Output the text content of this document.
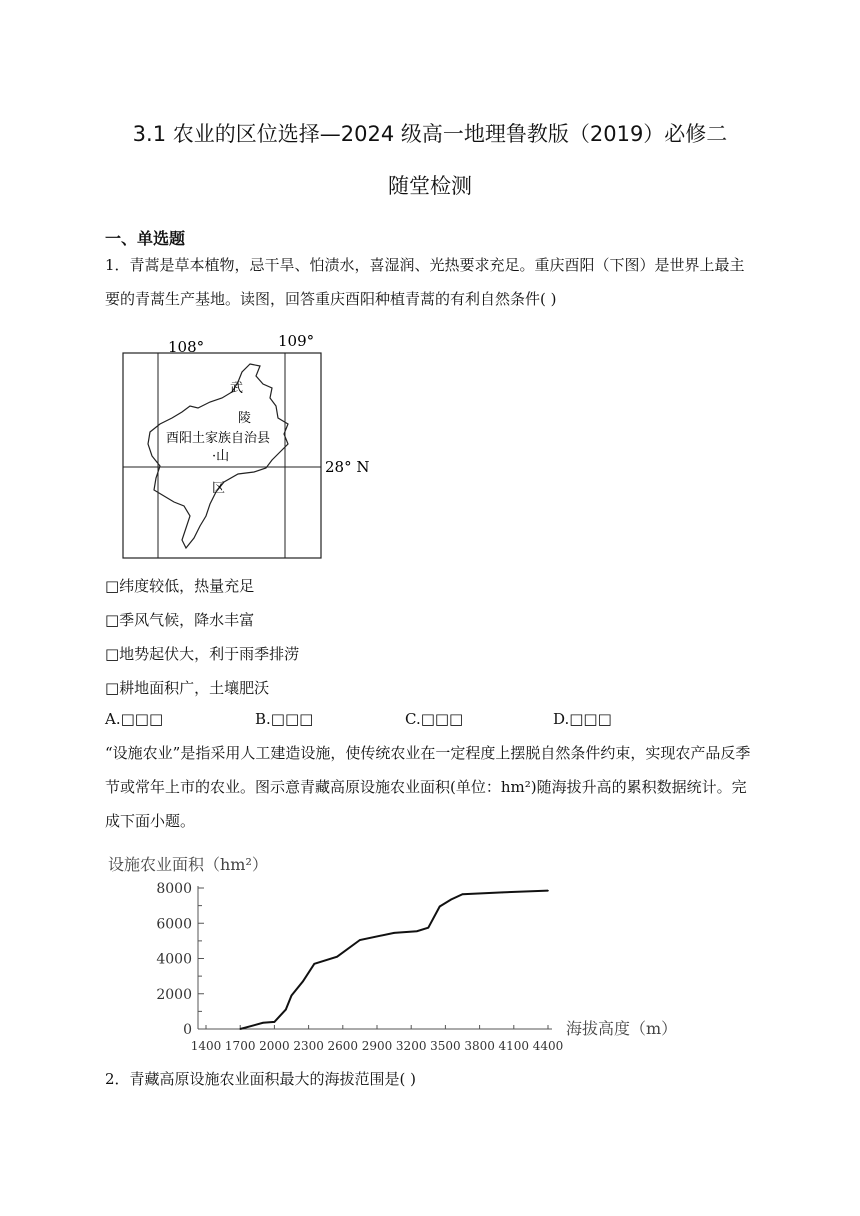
3.1 农业的区位选择—2024 级高一地理鲁教版（2019）必修二
随堂检测
一、单选题
1．青蒿是草本植物，忌干旱、怕渍水，喜湿润、光热要求充足。重庆酉阳（下图）是世界上最主要的青蒿生产基地。读图，回答重庆酉阳种植青蒿的有利自然条件( )
108°	109°
28° N
武
陵
酉阳土家族自治县
·山
区
□纬度较低，热量充足
□季风气候，降水丰富
□地势起伏大，利于雨季排涝
□耕地面积广，土壤肥沃
A.□□□	B.□□□	C.□□□	D.□□□
“设施农业”是指采用人工建造设施，使传统农业在一定程度上摆脱自然条件约束，实现农产品反季节或常年上市的农业。图示意青藏高原设施农业面积(单位：hm²)随海拔升高的累积数据统计。完成下面小题。
设施农业面积（hm²）
0
2000
4000
6000
8000
1400 1700 2000 2300 2600 2900 3200 3500 3800 4100 4400
海拔高度（m）
2．青藏高原设施农业面积最大的海拔范围是( )
